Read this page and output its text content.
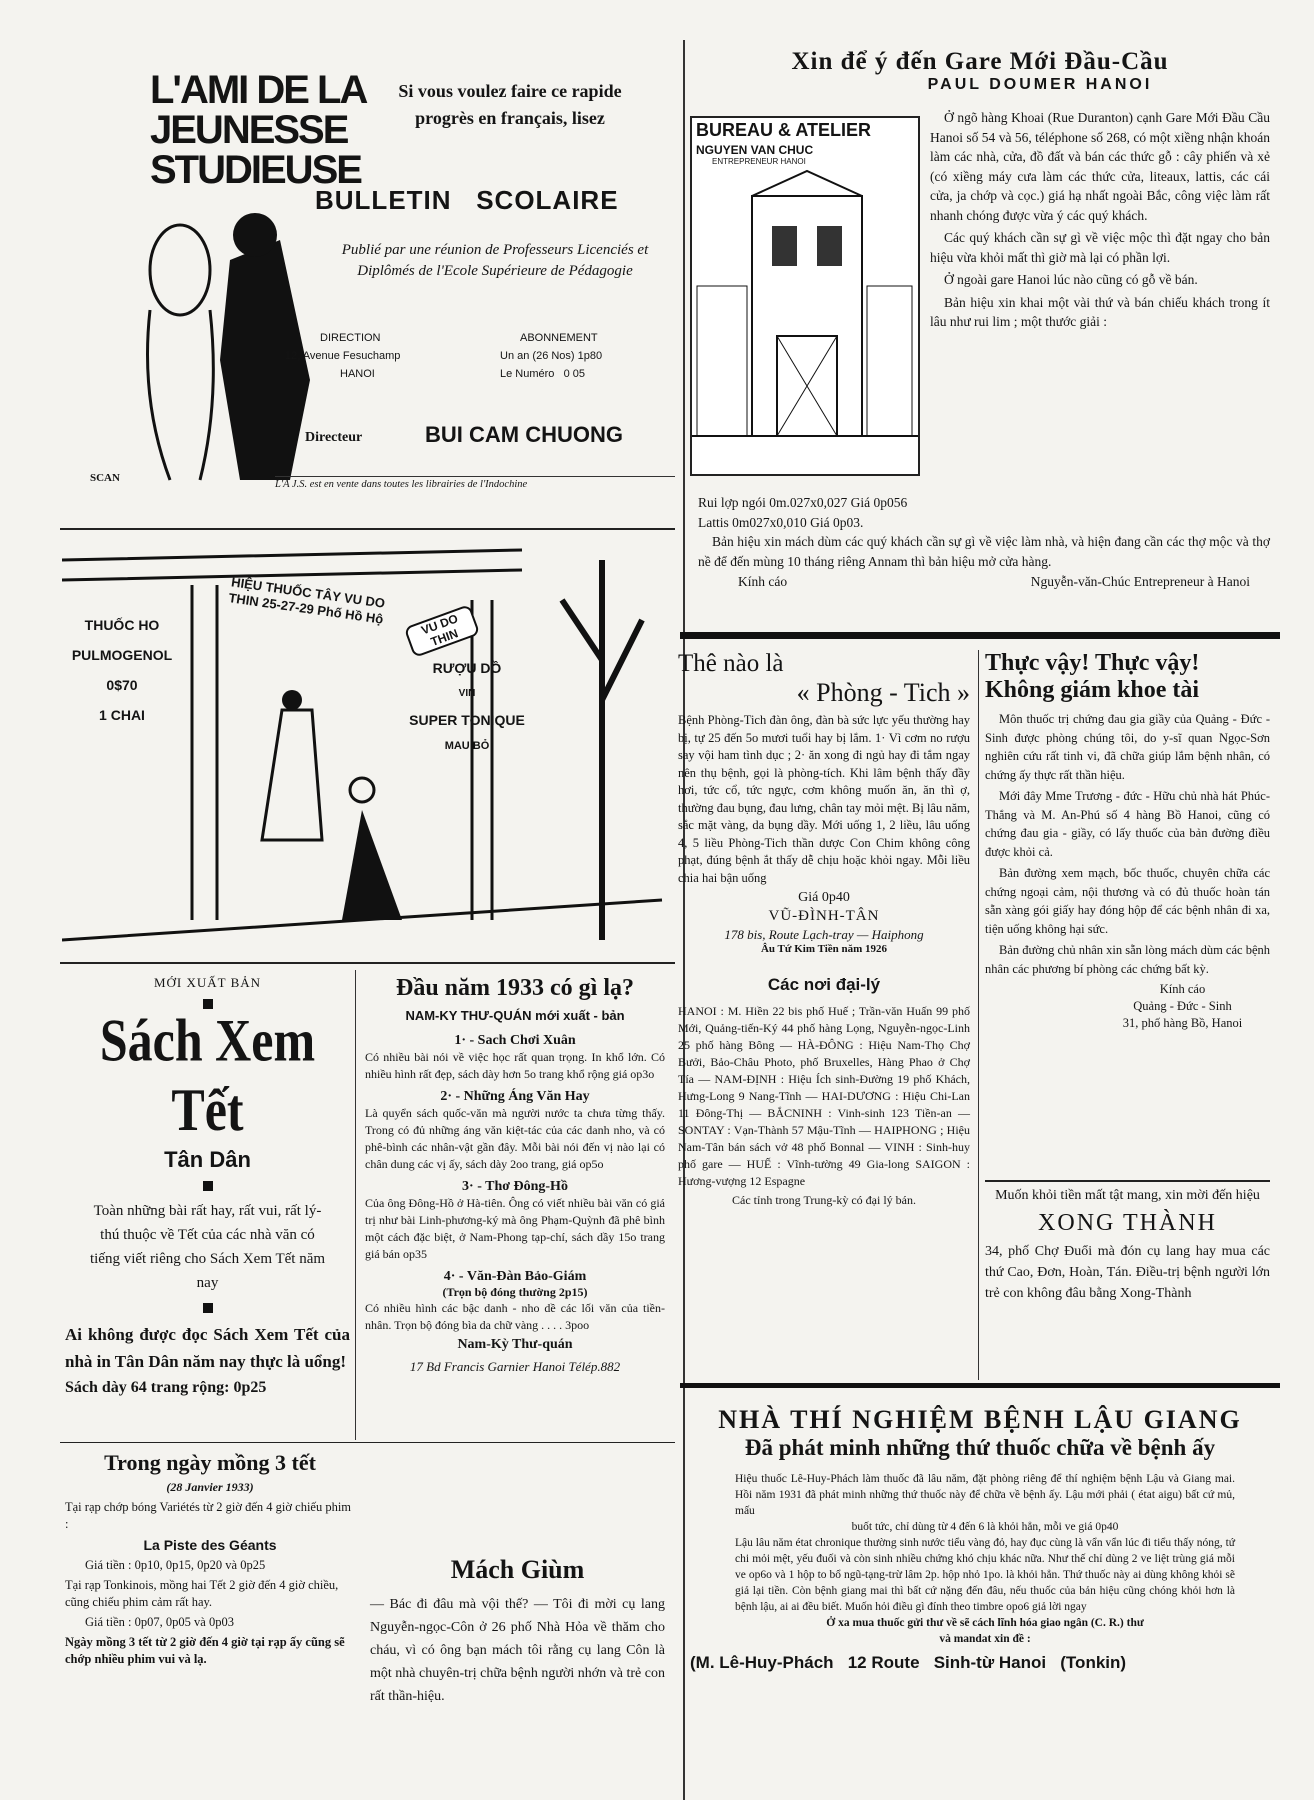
L'AMI DE LA JEUNESSE STUDIEUSE
SCAN
Si vous voulez faire ce rapide progrès en français, lisez
BULLETIN   SCOLAIRE
Publié par une réunion de Professeurs Licenciés et Diplômés de l'Ecole Supérieure de Pédagogie
DIRECTION
12, Avenue Fesuchamp
HANOI
ABONNEMENT
Un an (26 Nos) 1p80
Le Numéro   0 05
Directeur	BUI CAM CHUONG
L'A J.S. est en vente dans toutes les librairies de l'Indochine
HIỆU THUỐC TÂY VU DO THIN 25-27-29 Phố Hồ Hộ	VU DO THIN
THUỐC HO
PULMOGENOL
0$70
1 CHAI
RƯỢU DỒ
VIN
SUPER TONIQUE
MAU BỎ
MỚI XUẤT BẢN
Sách Xem Tết
Tân Dân

Toàn những bài rất hay, rất vui, rất lý-thú thuộc về Tết của các nhà văn có tiếng viết riêng cho Sách Xem Tết năm nay

Ai không được đọc Sách Xem Tết của nhà in Tân Dân năm nay thực là uổng!

Sách dày 64 trang rộng: 0p25

Đầu năm 1933 có gì lạ?
NAM-KY THƯ-QUÁN mới xuất - bản
1· - Sach Chơi Xuân

Có nhiều bài nói về việc học rất quan trọng. In khổ lớn. Có nhiều hình rất đẹp, sách dày hơn 5o trang khổ rộng giá op3o

2· - Những Áng Văn Hay

Là quyển sách quốc-văn mà người nước ta chưa từng thấy. Trong có đủ những áng văn kiệt-tác của các danh nho, và có phê-bình các nhân-vật gần đây. Mỗi bài nói đến vị nào lại có chân dung các vị ấy, sách dày 2oo trang, giá op5o

3· - Thơ Đông-Hồ

Của ông Đông-Hồ ở Hà-tiên. Ông có viết nhiều bài văn có giá trị như bài Linh-phương-ký mà ông Phạm-Quỳnh đã phê bình một cách đặc biệt, ở Nam-Phong tạp-chí, sách dầy 15o trang giá bán op35

4· - Văn-Đàn Bảo-Giám
(Trọn bộ đóng thường 2p15)

Có nhiều hình các bậc danh - nho dề các lối văn của tiền-nhân. Trọn bộ đóng bìa da chữ vàng . . . . 3poo

Nam-Kỳ Thư-quán
17 Bd Francis Garnier Hanoi Télép.882
Trong ngày mồng 3 tết
(28 Janvier 1933)

Tại rạp chớp bóng Variétés từ 2 giờ đến 4 giờ chiếu phim :

La Piste des Géants

Giá tiền : 0p10, 0p15, 0p20 và 0p25

Tại rạp Tonkinois, mồng hai Tết 2 giờ đến 4 giờ chiều, cũng chiếu phim cảm rất hay.

Giá tiền : 0p07, 0p05 và 0p03

Ngày mồng 3 tết từ 2 giờ đến 4 giờ tại rạp ấy cũng sẽ chớp nhiều phim vui và lạ.

Mách Giùm

— Bác đi đâu mà vội thế? — Tôi đi mời cụ lang Nguyễn-ngọc-Côn ở 26 phố Nhà Hỏa về thăm cho cháu, vì có ông bạn mách tôi rằng cụ lang Côn là một nhà chuyên-trị chữa bệnh người nhớn và trẻ con rất thần-hiệu.

Xin để ý đến Gare Mới Đầu-Cầu
PAUL DOUMER HANOI
BUREAU & ATELIER
NGUYEN VAN CHUC
ENTREPRENEUR HANOI

Ở ngõ hàng Khoai (Rue Duranton) cạnh Gare Mới Đầu Cầu Hanoi số 54 và 56, téléphone số 268, có một xiềng nhận khoán làm các nhà, cửa, đồ đất và bán các thức gỗ : cây phiến và xẻ (có xiềng máy cưa làm các thức cửa, liteaux, lattis, các cái cửa, ja chớp và cọc.) giá hạ nhất ngoài Bắc, công việc làm rất nhanh chóng được vừa ý các quý khách.

Các quý khách cần sự gì về việc mộc thì đặt ngay cho bản hiệu vừa khỏi mất thì giờ mà lại có phần lợi.

Ở ngoài gare Hanoi lúc nào cũng có gỗ về bán.

Bản hiệu xin khai một vài thứ và bán chiếu khách trong ít lâu như rui lim ; một thước giải :

Rui lợp ngói 0m.027x0,027 Giá 0p056

Lattis 0m027x0,010 Giá 0p03.

Bản hiệu xin mách dùm các quý khách cần sự gì về việc làm nhà, và hiện đang cần các thợ mộc và thợ nề để đến mùng 10 tháng riêng Annam thì bản hiệu mở cửa hàng.

Kính cáo	Nguyễn-văn-Chúc Entrepreneur à Hanoi
Thê nào là
« Phòng - Tich »

Bệnh Phòng-Tich đàn ông, đàn bà sức lực yếu thường hay bị, tự 25 đến 5o mươi tuổi hay bị lắm. 1· Vì cơm no rượu say vội ham tình dục ; 2· ăn xong đi ngủ hay đi tắm ngay nên thụ bệnh, gọi là phòng-tích. Khi lâm bệnh thấy đầy hơi, tức cổ, tức ngực, cơm không muốn ăn, ăn thì ợ, thường đau bụng, đau lưng, chân tay mỏi mệt. Bị lâu năm, sắc mặt vàng, da bụng dầy. Mới uống 1, 2 liều, lâu uống 4, 5 liều Phòng-Tich thần dược Con Chim không công phạt, đúng bệnh ắt thấy dễ chịu hoặc khỏi ngay. Mỗi liều chia hai bận uống

Giá 0p40
VŨ-ĐÌNH-TÂN
178 bis, Route Lạch-tray — Haiphong
Âu Tứ Kim Tiền năm 1926
Các nơi đại-lý

HANOI : M. Hiền 22 bis phố Huế ; Trần-văn Huấn 99 phố Mới, Quảng-tiến-Ký 44 phố hàng Lọng, Nguyễn-ngọc-Linh 25 phố hàng Bông — HÀ-ĐÔNG : Hiệu Nam-Thọ Chợ Bưởi, Bảo-Châu Photo, phố Bruxelles, Hàng Phao ở Chợ Tía — NAM-ĐỊNH : Hiệu Ích sinh-Đường 19 phố Khách, Hưng-Long 9 Nang-Tĩnh — HAI-DƯƠNG : Hiệu Chi-Lan 11 Đông-Thị — BẮCNINH : Vinh-sinh 123 Tiền-an — SONTAY : Vạn-Thành 57 Mậu-Tĩnh — HAIPHONG ; Hiệu Nam-Tân bán sách vở 48 phố Bonnal — VINH : Sinh-huy phố gare — HUẾ : Vĩnh-tường 49 Gia-long SAIGON : Hương-vượng 12 Espagne

Các tỉnh trong Trung-kỳ có đại lý bán.
Thực vậy! Thực vậy!
Không giám khoe tài

Môn thuốc trị chứng đau gia giầy của Quảng - Đức -Sinh được phòng chúng tôi, do y-sĩ quan Ngọc-Sơn nghiên cứu rất tinh vi, đã chữa giúp lắm bệnh nhân, có chứng ấy thực rất thần hiệu.

Mới đây Mme Trương - đức - Hữu chủ nhà hát Phúc-Thắng và M. An-Phú số 4 hàng Bồ Hanoi, cũng có chứng đau gia - giầy, có lấy thuốc của bản đường điều được khỏi cả.

Bản đường xem mạch, bốc thuốc, chuyên chữa các chứng ngoại cảm, nội thương và có đủ thuốc hoàn tán sẵn xàng gói giấy hay đóng hộp để các bệnh nhân đi xa, tiện uống không hại sức.

Bản đường chủ nhân xin sẵn lòng mách dùm các bệnh nhân các phương bí phòng các chứng bất kỳ.

Kính cáo
Quảng - Đức - Sinh
31, phố hàng Bồ, Hanoi

Muốn khỏi tiền mất tật mang, xin mời đến hiệu

XONG THÀNH

34, phố Chợ Đuổi mà đón cụ lang hay mua các thứ Cao, Đơn, Hoàn, Tán. Điều-trị bệnh người lớn trẻ con không đâu bằng Xong-Thành

NHÀ THÍ NGHIỆM BỆNH LẬU GIANG
Đã phát minh những thứ thuốc chữa về bệnh ấy

Hiệu thuốc Lê-Huy-Phách làm thuốc đã lâu năm, đặt phòng riêng để thí nghiệm bệnh Lậu và Giang mai. Hồi năm 1931 đã phát minh những thứ thuốc này để chữa về bệnh ấy. Lậu mới phải ( état aigu) bất cứ mủ, mấu

buốt tức, chỉ dùng từ 4 đến 6 là khỏi hẳn, mỗi ve giá 0p40

Lậu lâu năm état chronique thường sinh nước tiểu vàng đỏ, hay đục cùng là vẩn vẩn lúc đi tiểu thấy nóng, tứ chi mỏi mệt, yếu đuối và còn sinh nhiều chứng khó chịu khác nữa. Như thế chỉ dùng 2 ve liệt trùng giá mỗi ve op6o và 1 hộp to bổ ngũ-tạng-trừ lâm 2p. hộp nhỏ 1po. là khỏi hẳn. Thứ thuốc này ai dùng không khỏi sẽ giả lại tiền. Còn bệnh giang mai thì bất cứ nặng đến đâu, nếu thuốc của bản hiệu cũng chóng khỏi hơn là bệnh lậu, ai ai đều biết. Muốn hỏi điều gì đính theo timbre opo6 giả lời ngay

Ở xa mua thuốc gửi thư về sẽ cách lĩnh hóa giao ngân (C. R.) thư và mandat xin đề :

(M. Lê-Huy-Phách   12 Route   Sinh-từ Hanoi   (Tonkin)
